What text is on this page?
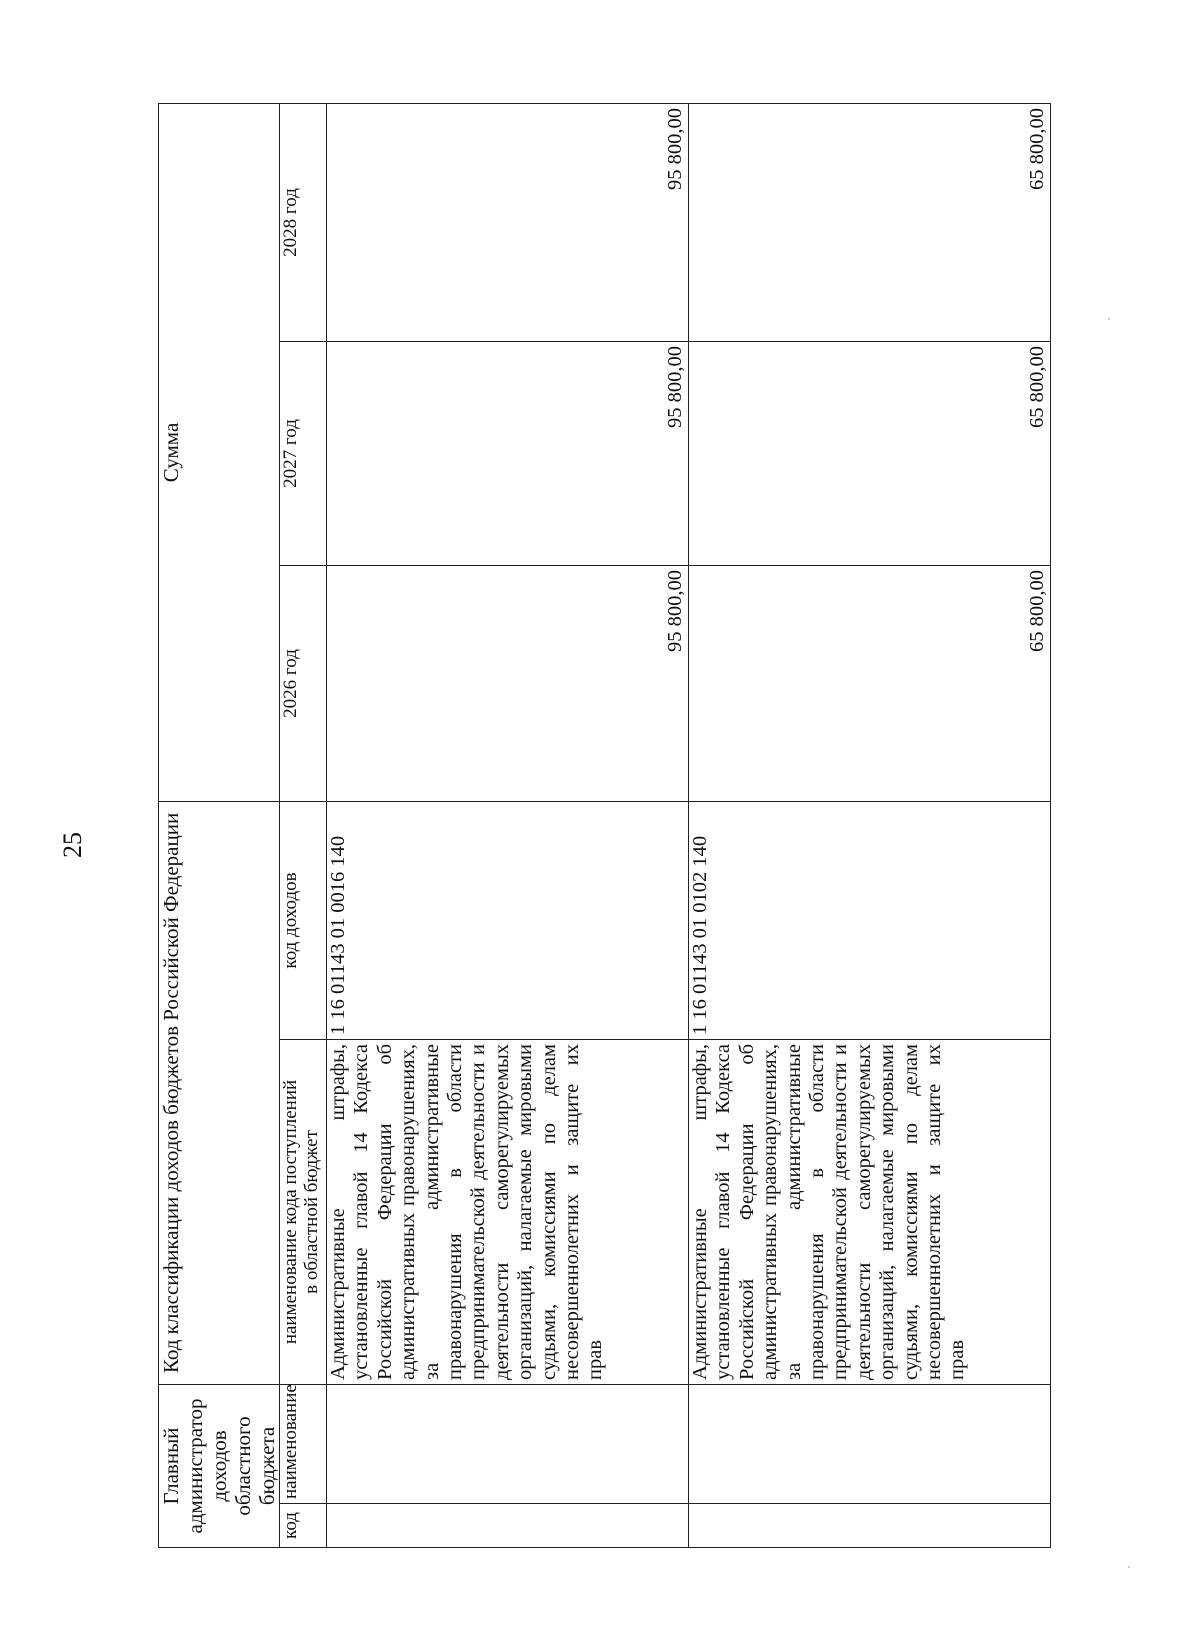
25
Главный администратор доходов областного бюджета		Код классификации доходов бюджетов Российской Федерации		Сумма		
код	наименование	наименование кода поступлений в областной бюджет	код доходов	2026 год	2027 год	2028 год
		Административные штрафы, установленные главой 14 Кодекса Российской Федерации об административных правонарушениях, за административные правонарушения в области предпринимательской деятельности и деятельности саморегулируемых организаций, налагаемые мировыми судьями, комиссиями по делам несовершеннолетних и защите их прав	1 16 01143 01 0016 140	95 800,00	95 800,00	95 800,00
		Административные штрафы, установленные главой 14 Кодекса Российской Федерации об административных правонарушениях, за административные правонарушения в области предпринимательской деятельности и деятельности саморегулируемых организаций, налагаемые мировыми судьями, комиссиями по делам несовершеннолетних и защите их прав	1 16 01143 01 0102 140	65 800,00	65 800,00	65 800,00
